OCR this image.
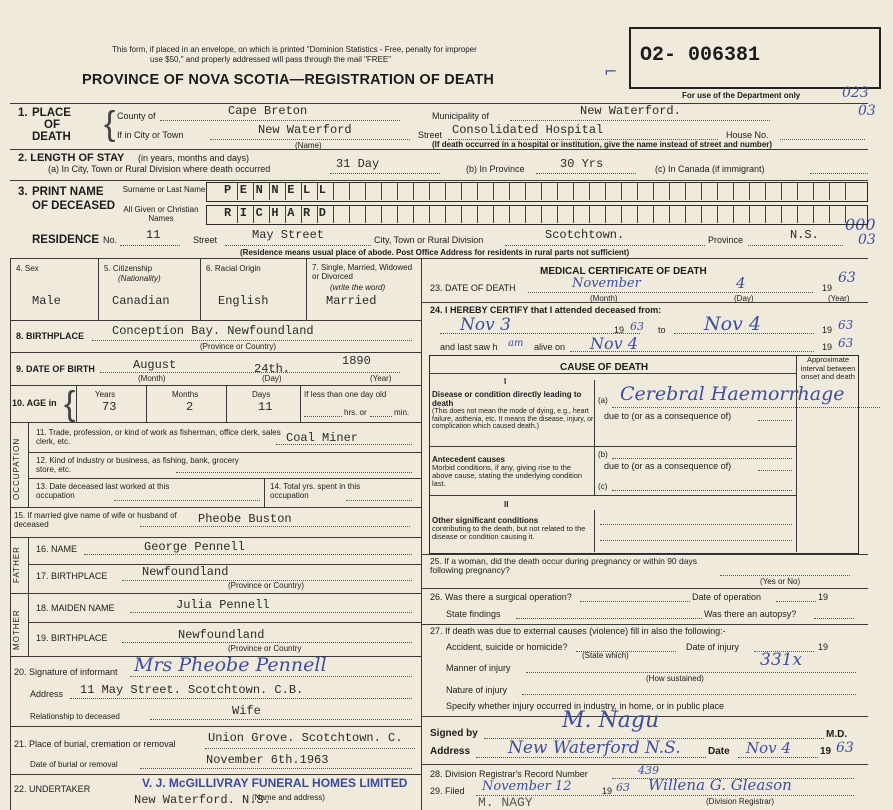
This form, if placed in an envelope, on which is printed "Dominion Statistics - Free, penalty for improper
use $50," and properly addressed will pass through the mail "FREE"
PROVINCE OF NOVA SCOTIA—REGISTRATION OF DEATH
O2- 006381
For use of the Department only	023
03
000
03
⌐
1. PLACE
OF
DEATH { County of	Cape Breton	Municipality of	New Waterford.
If in City or Town	New Waterford
(Name)
Street Consolidated Hospital	House No.
(If death occurred in a hospital or institution, give the name instead of street and number)
2. LENGTH OF STAY (in years, months and days)
(a) In City, Town or Rural Division where death occurred	31 Day	(b) In Province	30 Yrs	(c) In Canada (if immigrant)
3. PRINT NAME
OF DECEASED
Surname or Last Name
All Given or Christian Names
PENNELL
RICHARD
RESIDENCE No. 11	Street	May Street	City, Town or Rural Division	Scotchtown.	Province	N.S.
(Residence means usual place of abode. Post Office Address for residents in rural parts not sufficient)
4. Sex
Male
5. Citizenship
(Nationality)
Canadian
6. Racial Origin
English
7. Single, Married, Widowed or Divorced
(write the word)
Married
8. BIRTHPLACE Conception Bay. Newfoundland
(Province or Country)
9. DATE OF BIRTH	August	24th.
1890
(Month)	(Day)	(Year)
10. AGE in { Years
73
Months
2
Days
11
If less than one day old
hrs. or	min.
OCCUPATION
11. Trade, profession, or kind of work as fisherman, office clerk, sales clerk, etc.	Coal Miner
12. Kind of industry or business, as fishing, bank, grocery store, etc.
13. Date deceased last worked at this occupation
14. Total yrs. spent in this occupation
15. If married give name of wife or husband of deceased	Pheobe Buston
FATHER 16. NAME	George Pennell
17. BIRTHPLACE	Newfoundland
(Province or Country)
MOTHER
18. MAIDEN NAME	Julia Pennell
19. BIRTHPLACE	Newfoundland
(Province or Country
20. Signature of informant Mrs Pheobe Pennell
Address 11 May Street. Scotchtown. C.B.
Relationship to deceased	Wife
21. Place of burial, cremation or removal	Union Grove. Scotchtown. C.
Date of burial or removal	November 6th.1963
22. UNDERTAKER	V. J. McGILLIVRAY FUNERAL HOMES LIMITED
New Waterford. N.S.
(Name and address)
MEDICAL CERTIFICATE OF DEATH
23. DATE OF DEATH	November	4	19
63
(Month)	(Day)	(Year)
24. I HEREBY CERTIFY that I attended deceased from:
Nov 3	19 63 to Nov 4	19 63
and last saw h am alive on Nov 4	19 63
CAUSE OF DEATH
Approximate interval between onset and death
I
Disease or condition directly leading to death
(This does not mean the mode of dying, e.g., heart failure, asthenia, etc. It means the disease, injury, or complication which caused death.)
(a) Cerebral Haemorrhage
due to (or as a consequence of)
Antecedent causes
Morbid conditions, if any, giving rise to the above cause, stating the underlying condition last.
(b)
due to (or as a consequence of)
(c)
II
Other significant conditions
contributing to the death, but not related to the disease or condition causing it.
25. If a woman, did the death occur during pregnancy or within 90 days following pregnancy?
(Yes or No)
26. Was there a surgical operation?	Date of operation	19
State findings	Was there an autopsy?
27. If death was due to external causes (violence) fill in also the following:-
Accident, suicide or homicide?
(State which)
Date of injury	19
Manner of injury	331x
(How sustained)
Nature of injury
Specify whether injury occurred in industry, in home, or in public place
Signed by
M. Nagu
M.D.
Address New Waterford N.S.	Date Nov 4	19 63
28. Division Registrar's Record Number	439
29. Filed November 12	19 63 Willena G. Gleason
(Division Registrar)
M. NAGY
